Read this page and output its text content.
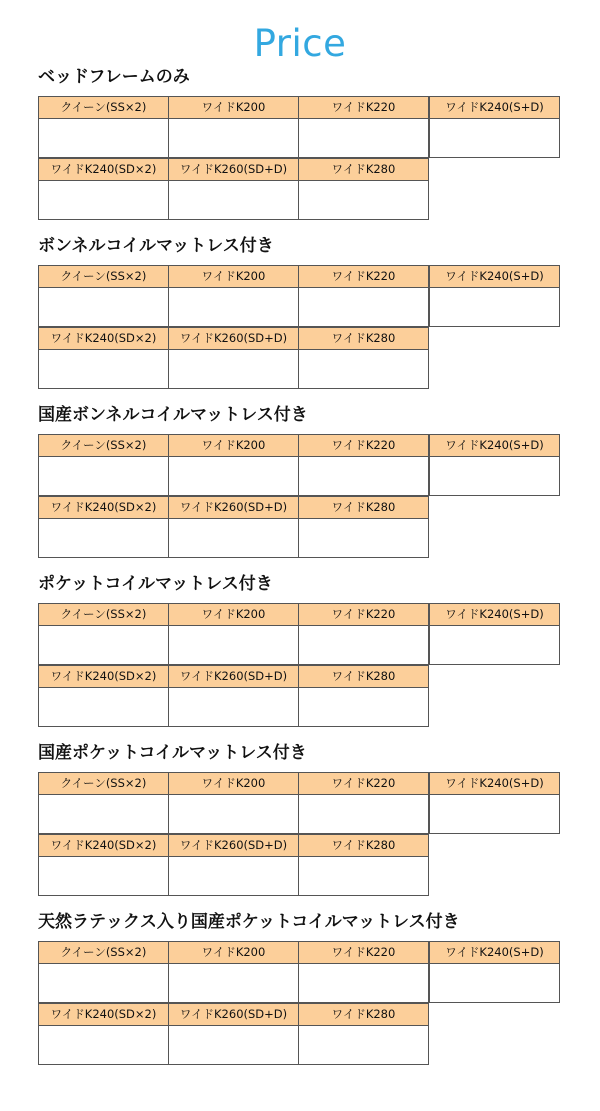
Price
ベッドフレームのみ
クイーン(SS×2)	ワイドK200	ワイドK220	ワイドK240(S+D)
ワイドK240(SD×2)	ワイドK260(SD+D)	ワイドK280
ボンネルコイルマットレス付き
クイーン(SS×2)	ワイドK200	ワイドK220	ワイドK240(S+D)
ワイドK240(SD×2)	ワイドK260(SD+D)	ワイドK280
国産ボンネルコイルマットレス付き
クイーン(SS×2)	ワイドK200	ワイドK220	ワイドK240(S+D)
ワイドK240(SD×2)	ワイドK260(SD+D)	ワイドK280
ポケットコイルマットレス付き
クイーン(SS×2)	ワイドK200	ワイドK220	ワイドK240(S+D)
ワイドK240(SD×2)	ワイドK260(SD+D)	ワイドK280
国産ポケットコイルマットレス付き
クイーン(SS×2)	ワイドK200	ワイドK220	ワイドK240(S+D)
ワイドK240(SD×2)	ワイドK260(SD+D)	ワイドK280
天然ラテックス入り国産ポケットコイルマットレス付き
クイーン(SS×2)	ワイドK200	ワイドK220	ワイドK240(S+D)
ワイドK240(SD×2)	ワイドK260(SD+D)	ワイドK280
